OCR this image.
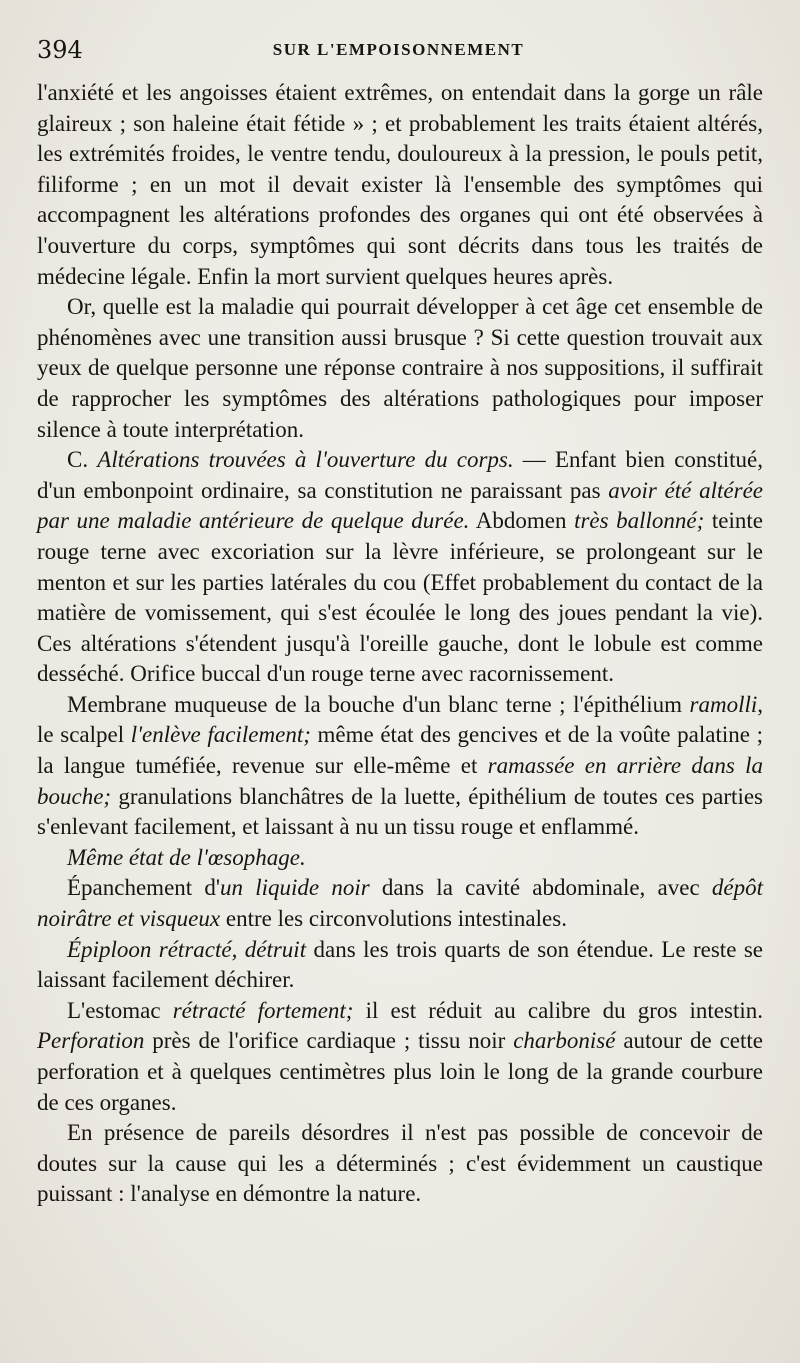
394	SUR L'EMPOISONNEMENT

l'anxiété et les angoisses étaient extrêmes, on entendait dans la gorge un râle glaireux ; son haleine était fétide » ; et probablement les traits étaient altérés, les extrémités froides, le ventre tendu, douloureux à la pression, le pouls petit, filiforme ; en un mot il devait exister là l'ensemble des symptômes qui accompagnent les altérations profondes des organes qui ont été observées à l'ouverture du corps, symptômes qui sont décrits dans tous les traités de médecine légale. Enfin la mort survient quelques heures après.

Or, quelle est la maladie qui pourrait développer à cet âge cet ensemble de phénomènes avec une transition aussi brusque ? Si cette question trouvait aux yeux de quelque personne une réponse contraire à nos suppositions, il suffirait de rapprocher les symptômes des altérations pathologiques pour imposer silence à toute interprétation.

C. Altérations trouvées à l'ouverture du corps. — Enfant bien constitué, d'un embonpoint ordinaire, sa constitution ne paraissant pas avoir été altérée par une maladie antérieure de quelque durée. Abdomen très ballonné; teinte rouge terne avec excoriation sur la lèvre inférieure, se prolongeant sur le menton et sur les parties latérales du cou (Effet probablement du contact de la matière de vomissement, qui s'est écoulée le long des joues pendant la vie). Ces altérations s'étendent jusqu'à l'oreille gauche, dont le lobule est comme desséché. Orifice buccal d'un rouge terne avec racornissement.

Membrane muqueuse de la bouche d'un blanc terne ; l'épithélium ramolli, le scalpel l'enlève facilement; même état des gencives et de la voûte palatine ; la langue tuméfiée, revenue sur elle-même et ramassée en arrière dans la bouche; granulations blanchâtres de la luette, épithélium de toutes ces parties s'enlevant facilement, et laissant à nu un tissu rouge et enflammé.

Même état de l'œsophage.

Épanchement d'un liquide noir dans la cavité abdominale, avec dépôt noirâtre et visqueux entre les circonvolutions intestinales.

Épiploon rétracté, détruit dans les trois quarts de son étendue. Le reste se laissant facilement déchirer.

L'estomac rétracté fortement; il est réduit au calibre du gros intestin. Perforation près de l'orifice cardiaque ; tissu noir charbonisé autour de cette perforation et à quelques centimètres plus loin le long de la grande courbure de ces organes.

En présence de pareils désordres il n'est pas possible de concevoir de doutes sur la cause qui les a déterminés ; c'est évidemment un caustique puissant : l'analyse en démontre la nature.
